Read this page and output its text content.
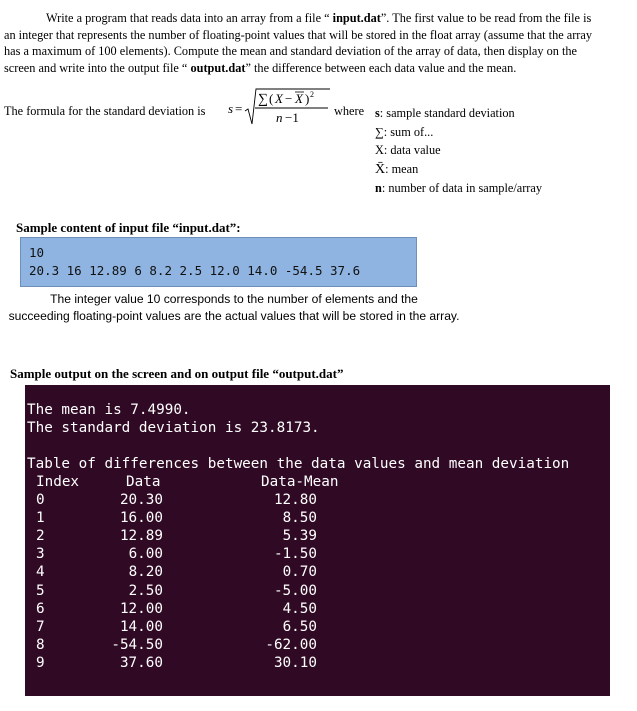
Write a program that reads data into an array from a file “ input.dat”. The first value to be read from the file is an integer that represents the number of floating-point values that will be stored in the float array (assume that the array has a maximum of 100 elements). Compute the mean and standard deviation of the array of data, then display on the screen and write into the output file “ output.dat” the difference between each data value and the mean.
The formula for the standard deviation is s =
∑ ( X − X ) 2
n −1	where s: sample standard deviation
∑: sum of...
X: data value
X̄: mean
n: number of data in sample/array
Sample content of input file “input.dat”:
10
20.3 16 12.89 6 8.2 2.5 12.0 14.0 -54.5 37.6
The integer value 10 corresponds to the number of elements and the
succeeding floating-point values are the actual values that will be stored in the array.
Sample output on the screen and on output file “output.dat”
The mean is 7.4990.
The standard deviation is 23.8173.
Table of differences between the data values and mean deviation
Index	Data	Data-Mean
0	20.30	12.80
1	16.00	8.50
2	12.89	5.39
3	6.00	-1.50
4	8.20	0.70
5	2.50	-5.00
6	12.00	4.50
7	14.00	6.50
8	-54.50	-62.00
9	37.60	30.10
